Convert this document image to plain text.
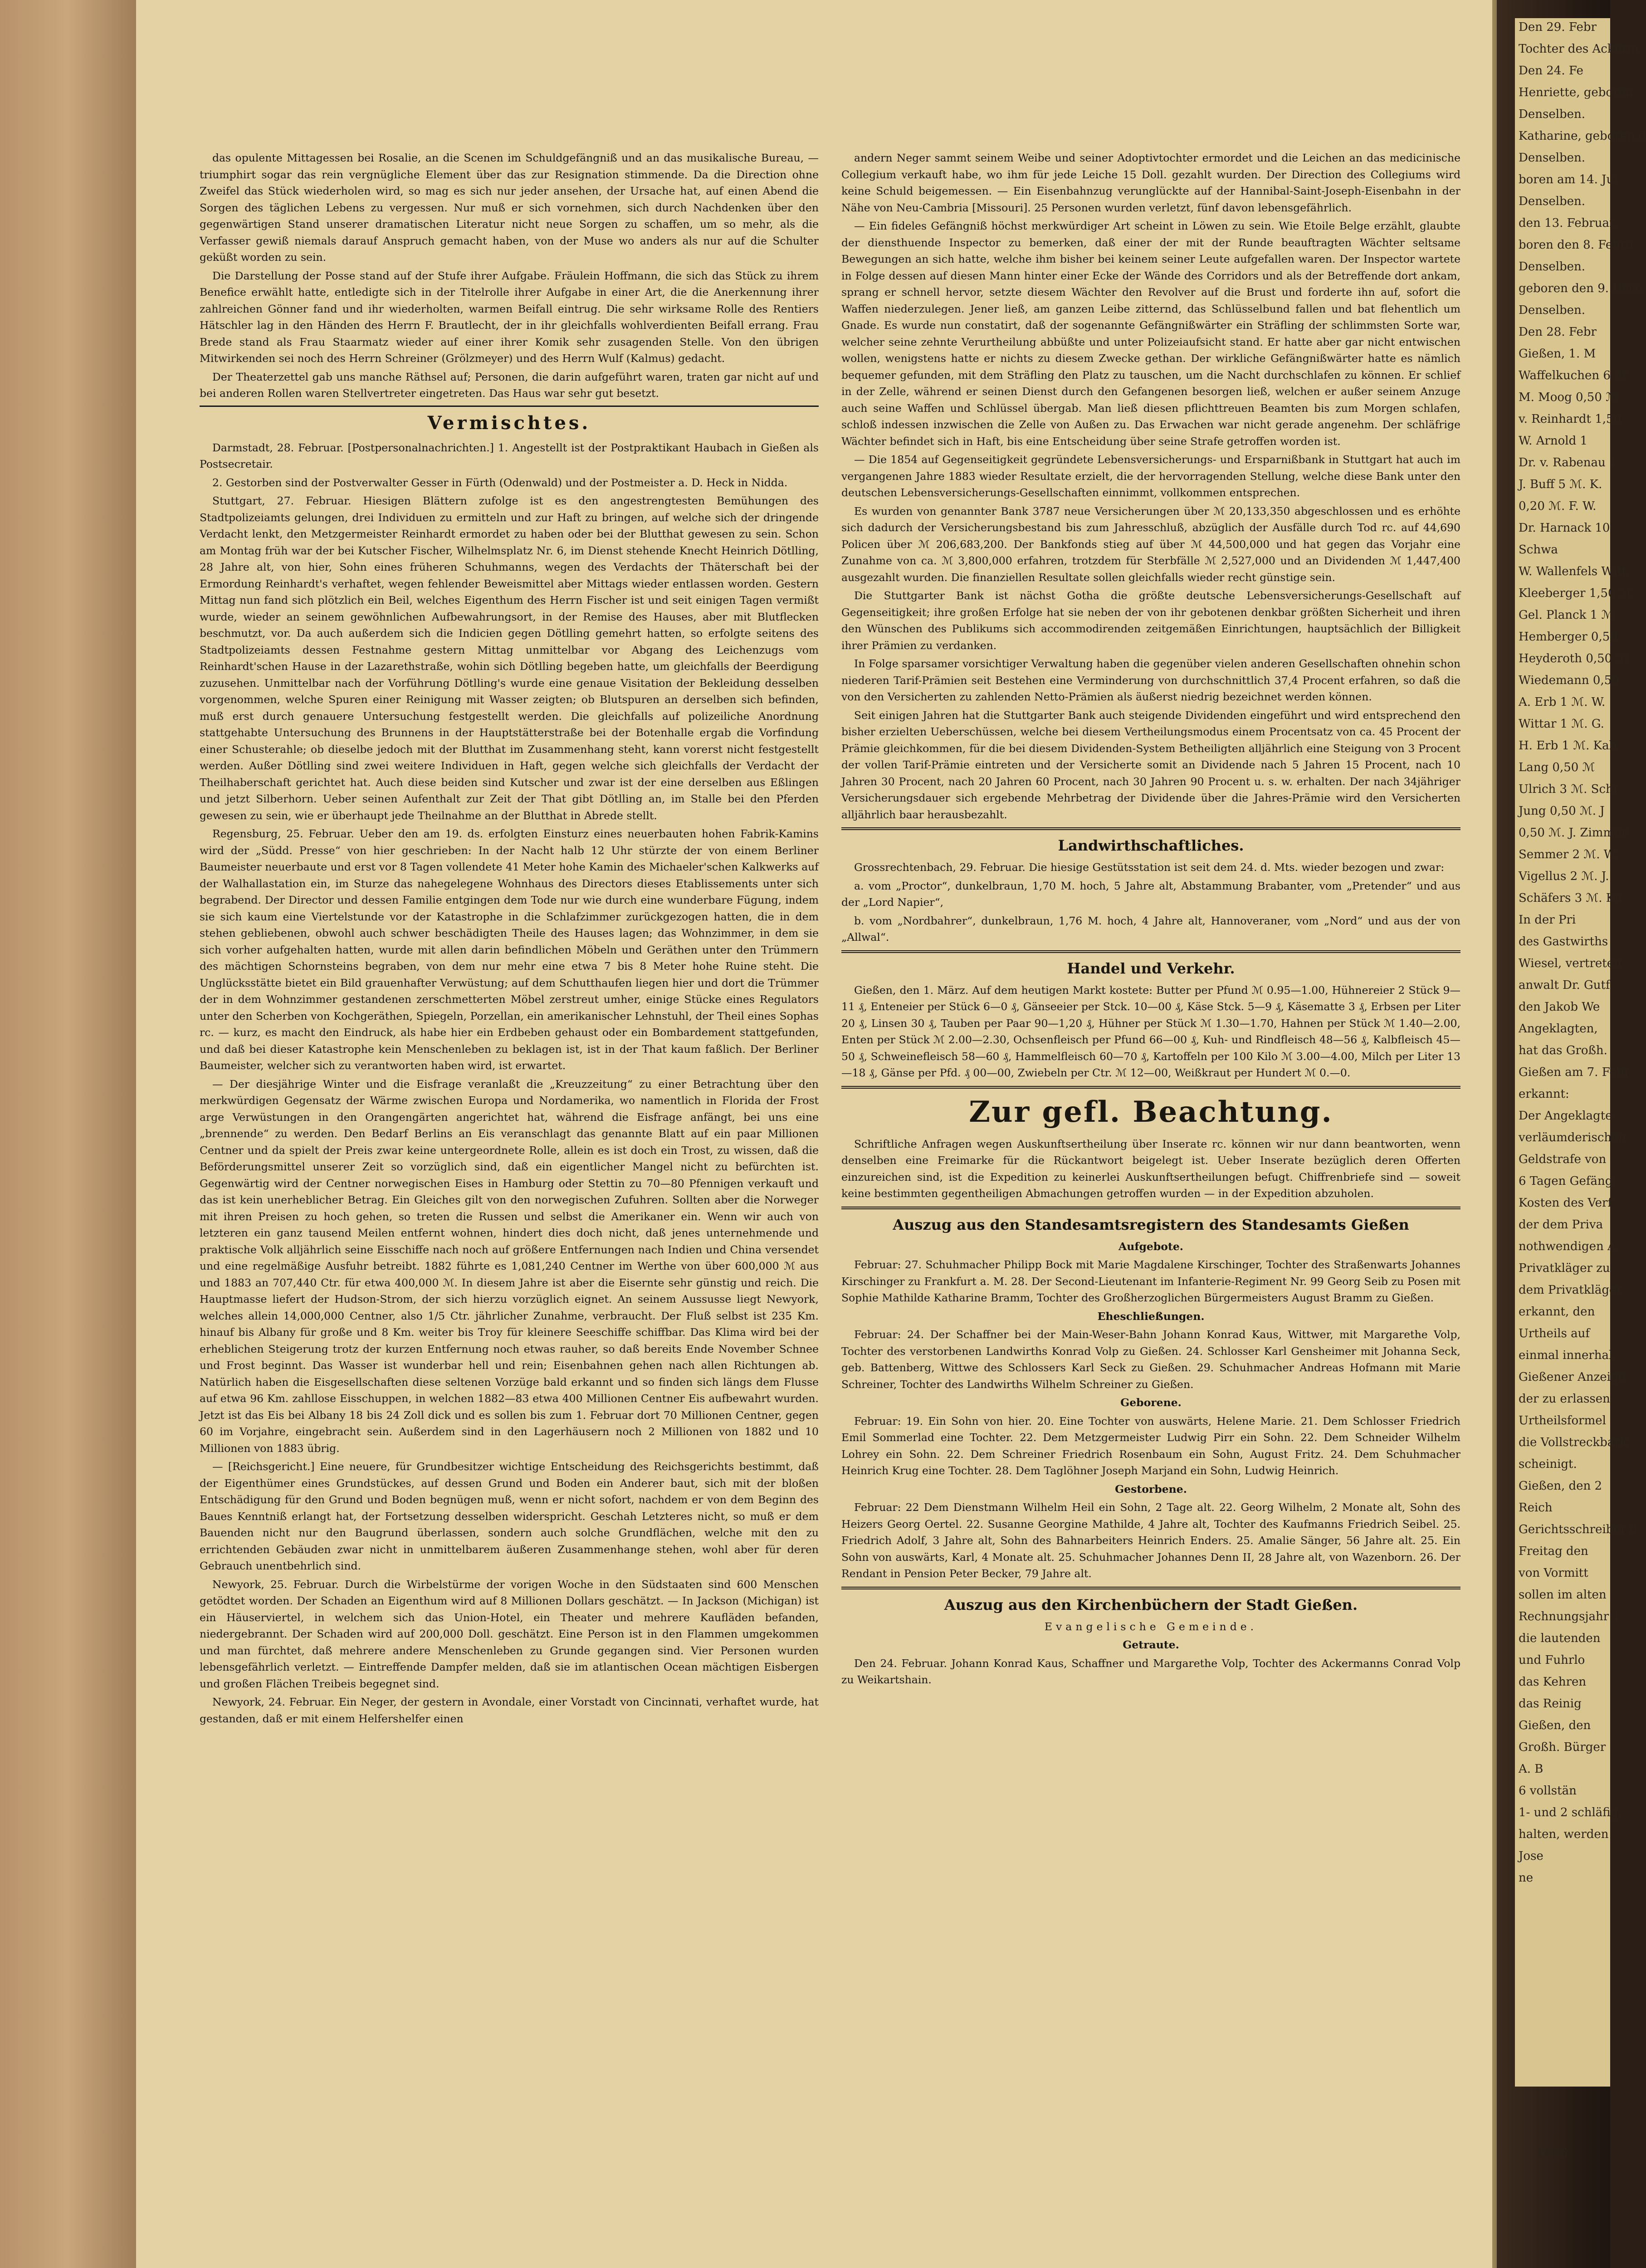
Den 29. Febr

Tochter des Ackerm

Den 24. Fe

Henriette, geboren

Denselben.

Katharine, geboren d

Denselben.

boren am 14. Jul

Denselben.

den 13. Februar.

boren den 8. Febru

Denselben.

geboren den 9. Dece

Denselben.

Den 28. Febr

Gießen, 1. M

Waffelkuchen 6 ℳ

M. Moog 0,50 ℳ

v. Reinhardt 1,50

W. Arnold 1

Dr. v. Rabenau 1

J. Buff 5 ℳ. K.

0,20 ℳ. F. W.

Dr. Harnack 10

Schwa

W. Wallenfels Witt

Kleeberger 1,50 ℳ

Gel. Planck 1 ℳ

Hemberger 0,50

Heyderoth 0,50 ℳ

Wiedemann 0,50

A. Erb 1 ℳ. W.

Wittar 1 ℳ. G.

H. Erb 1 ℳ. Kab

Lang 0,50 ℳ

Ulrich 3 ℳ. Schr

Jung 0,50 ℳ. J

0,50 ℳ. J. Zimmer

Semmer 2 ℳ. W.

Vigellus 2 ℳ. J.

Schäfers 3 ℳ. Ka

In der Pri

des Gastwirths

Wiesel, vertreten

anwalt Dr. Gutf

den Jakob We

Angeklagten,

hat das Großh.

Gießen am 7. Febr

erkannt:

Der Angeklagte

verläumderischen

Geldstrafe von

6 Tagen Gefäng

Kosten des Verf

der dem Priva

nothwendigen A

Privatkläger zu

dem Privatkläger

erkannt, den

Urtheils auf

einmal innerhal

Gießener Anzeige

der zu erlassen

Urtheilsformel

die Vollstreckbark

scheinigt.

Gießen, den 2

Reich

Gerichtsschreiber d

Freitag den

von Vormitt

sollen im alten

Rechnungsjahr 1

die lautenden

und Fuhrlo

das Kehren

das Reinig

Gießen, den

Großh. Bürger

A. B

6 vollstän

1- und 2 schläfig,

halten, werden

Jose

ne

1426

das opulente Mittagessen bei Rosalie, an die Scenen im Schuldgefängniß und an das musikalische Bureau, — triumphirt sogar das rein vergnügliche Element über das zur Resignation stimmende. Da die Direction ohne Zweifel das Stück wiederholen wird, so mag es sich nur jeder ansehen, der Ursache hat, auf einen Abend die Sorgen des täglichen Lebens zu vergessen. Nur muß er sich vornehmen, sich durch Nachdenken über den gegenwärtigen Stand unserer dramatischen Literatur nicht neue Sorgen zu schaffen, um so mehr, als die Verfasser gewiß niemals darauf Anspruch gemacht haben, von der Muse wo anders als nur auf die Schulter geküßt worden zu sein.

Die Darstellung der Posse stand auf der Stufe ihrer Aufgabe. Fräulein Hoffmann, die sich das Stück zu ihrem Benefice erwählt hatte, entledigte sich in der Titelrolle ihrer Aufgabe in einer Art, die die Anerkennung ihrer zahlreichen Gönner fand und ihr wiederholten, warmen Beifall eintrug. Die sehr wirksame Rolle des Rentiers Hätschler lag in den Händen des Herrn F. Brautlecht, der in ihr gleichfalls wohlverdienten Beifall errang. Frau Brede stand als Frau Staarmatz wieder auf einer ihrer Komik sehr zusagenden Stelle. Von den übrigen Mitwirkenden sei noch des Herrn Schreiner (Grölzmeyer) und des Herrn Wulf (Kalmus) gedacht.

Der Theaterzettel gab uns manche Räthsel auf; Personen, die darin aufgeführt waren, traten gar nicht auf und bei anderen Rollen waren Stellvertreter eingetreten. Das Haus war sehr gut besetzt.

Vermischtes.

Darmstadt, 28. Februar. [Postpersonalnachrichten.] 1. Angestellt ist der Postpraktikant Haubach in Gießen als Postsecretair.

2. Gestorben sind der Postverwalter Gesser in Fürth (Odenwald) und der Postmeister a. D. Heck in Nidda.

Stuttgart, 27. Februar. Hiesigen Blättern zufolge ist es den angestrengtesten Bemühungen des Stadtpolizeiamts gelungen, drei Individuen zu ermitteln und zur Haft zu bringen, auf welche sich der dringende Verdacht lenkt, den Metzgermeister Reinhardt ermordet zu haben oder bei der Blutthat gewesen zu sein. Schon am Montag früh war der bei Kutscher Fischer, Wilhelmsplatz Nr. 6, im Dienst stehende Knecht Heinrich Dötlling, 28 Jahre alt, von hier, Sohn eines früheren Schuhmanns, wegen des Verdachts der Thäterschaft bei der Ermordung Reinhardt's verhaftet, wegen fehlender Beweismittel aber Mittags wieder entlassen worden. Gestern Mittag nun fand sich plötzlich ein Beil, welches Eigenthum des Herrn Fischer ist und seit einigen Tagen vermißt wurde, wieder an seinem gewöhnlichen Aufbewahrungsort, in der Remise des Hauses, aber mit Blutflecken beschmutzt, vor. Da auch außerdem sich die Indicien gegen Dötlling gemehrt hatten, so erfolgte seitens des Stadtpolizeiamts dessen Festnahme gestern Mittag unmittelbar vor Abgang des Leichenzugs vom Reinhardt'schen Hause in der Lazarethstraße, wohin sich Dötlling begeben hatte, um gleichfalls der Beerdigung zuzusehen. Unmittelbar nach der Vorführung Dötlling's wurde eine genaue Visitation der Bekleidung desselben vorgenommen, welche Spuren einer Reinigung mit Wasser zeigten; ob Blutspuren an derselben sich befinden, muß erst durch genauere Untersuchung festgestellt werden. Die gleichfalls auf polizeiliche Anordnung stattgehabte Untersuchung des Brunnens in der Hauptstätterstraße bei der Botenhalle ergab die Vorfindung einer Schusterahle; ob dieselbe jedoch mit der Blutthat im Zusammenhang steht, kann vorerst nicht festgestellt werden. Außer Dötlling sind zwei weitere Individuen in Haft, gegen welche sich gleichfalls der Verdacht der Theilhaberschaft gerichtet hat. Auch diese beiden sind Kutscher und zwar ist der eine derselben aus Eßlingen und jetzt Silberhorn. Ueber seinen Aufenthalt zur Zeit der That gibt Dötlling an, im Stalle bei den Pferden gewesen zu sein, wie er überhaupt jede Theilnahme an der Blutthat in Abrede stellt.

Regensburg, 25. Februar. Ueber den am 19. ds. erfolgten Einsturz eines neuerbauten hohen Fabrik-Kamins wird der „Südd. Presse“ von hier geschrieben: In der Nacht halb 12 Uhr stürzte der von einem Berliner Baumeister neuerbaute und erst vor 8 Tagen vollendete 41 Meter hohe Kamin des Michaeler'schen Kalkwerks auf der Walhallastation ein, im Sturze das nahegelegene Wohnhaus des Directors dieses Etablissements unter sich begrabend. Der Director und dessen Familie entgingen dem Tode nur wie durch eine wunderbare Fügung, indem sie sich kaum eine Viertelstunde vor der Katastrophe in die Schlafzimmer zurückgezogen hatten, die in dem stehen gebliebenen, obwohl auch schwer beschädigten Theile des Hauses lagen; das Wohnzimmer, in dem sie sich vorher aufgehalten hatten, wurde mit allen darin befindlichen Möbeln und Geräthen unter den Trümmern des mächtigen Schornsteins begraben, von dem nur mehr eine etwa 7 bis 8 Meter hohe Ruine steht. Die Unglücksstätte bietet ein Bild grauenhafter Verwüstung; auf dem Schutthaufen liegen hier und dort die Trümmer der in dem Wohnzimmer gestandenen zerschmetterten Möbel zerstreut umher, einige Stücke eines Regulators unter den Scherben von Kochgeräthen, Spiegeln, Porzellan, ein amerikanischer Lehnstuhl, der Theil eines Sophas rc. — kurz, es macht den Eindruck, als habe hier ein Erdbeben gehaust oder ein Bombardement stattgefunden, und daß bei dieser Katastrophe kein Menschenleben zu beklagen ist, ist in der That kaum faßlich. Der Berliner Baumeister, welcher sich zu verantworten haben wird, ist erwartet.

— Der diesjährige Winter und die Eisfrage veranlaßt die „Kreuzzeitung“ zu einer Betrachtung über den merkwürdigen Gegensatz der Wärme zwischen Europa und Nordamerika, wo namentlich in Florida der Frost arge Verwüstungen in den Orangengärten angerichtet hat, während die Eisfrage anfängt, bei uns eine „brennende“ zu werden. Den Bedarf Berlins an Eis veranschlagt das genannte Blatt auf ein paar Millionen Centner und da spielt der Preis zwar keine untergeordnete Rolle, allein es ist doch ein Trost, zu wissen, daß die Beförderungsmittel unserer Zeit so vorzüglich sind, daß ein eigentlicher Mangel nicht zu befürchten ist. Gegenwärtig wird der Centner norwegischen Eises in Hamburg oder Stettin zu 70—80 Pfennigen verkauft und das ist kein unerheblicher Betrag. Ein Gleiches gilt von den norwegischen Zufuhren. Sollten aber die Norweger mit ihren Preisen zu hoch gehen, so treten die Russen und selbst die Amerikaner ein. Wenn wir auch von letzteren ein ganz tausend Meilen entfernt wohnen, hindert dies doch nicht, daß jenes unternehmende und praktische Volk alljährlich seine Eisschiffe nach noch auf größere Entfernungen nach Indien und China versendet und eine regelmäßige Ausfuhr betreibt. 1882 führte es 1,081,240 Centner im Werthe von über 600,000 ℳ aus und 1883 an 707,440 Ctr. für etwa 400,000 ℳ. In diesem Jahre ist aber die Eisernte sehr günstig und reich. Die Hauptmasse liefert der Hudson-Strom, der sich hierzu vorzüglich eignet. An seinem Aussusse liegt Newyork, welches allein 14,000,000 Centner, also 1/5 Ctr. jährlicher Zunahme, verbraucht. Der Fluß selbst ist 235 Km. hinauf bis Albany für große und 8 Km. weiter bis Troy für kleinere Seeschiffe schiffbar. Das Klima wird bei der erheblichen Steigerung trotz der kurzen Entfernung noch etwas rauher, so daß bereits Ende November Schnee und Frost beginnt. Das Wasser ist wunderbar hell und rein; Eisenbahnen gehen nach allen Richtungen ab. Natürlich haben die Eisgesellschaften diese seltenen Vorzüge bald erkannt und so finden sich längs dem Flusse auf etwa 96 Km. zahllose Eisschuppen, in welchen 1882—83 etwa 400 Millionen Centner Eis aufbewahrt wurden. Jetzt ist das Eis bei Albany 18 bis 24 Zoll dick und es sollen bis zum 1. Februar dort 70 Millionen Centner, gegen 60 im Vorjahre, eingebracht sein. Außerdem sind in den Lagerhäusern noch 2 Millionen von 1882 und 10 Millionen von 1883 übrig.

— [Reichsgericht.] Eine neuere, für Grundbesitzer wichtige Entscheidung des Reichsgerichts bestimmt, daß der Eigenthümer eines Grundstückes, auf dessen Grund und Boden ein Anderer baut, sich mit der bloßen Entschädigung für den Grund und Boden begnügen muß, wenn er nicht sofort, nachdem er von dem Beginn des Baues Kenntniß erlangt hat, der Fortsetzung desselben widerspricht. Geschah Letzteres nicht, so muß er dem Bauenden nicht nur den Baugrund überlassen, sondern auch solche Grundflächen, welche mit den zu errichtenden Gebäuden zwar nicht in unmittelbarem äußeren Zusammenhange stehen, wohl aber für deren Gebrauch unentbehrlich sind.

Newyork, 25. Februar. Durch die Wirbelstürme der vorigen Woche in den Südstaaten sind 600 Menschen getödtet worden. Der Schaden an Eigenthum wird auf 8 Millionen Dollars geschätzt. — In Jackson (Michigan) ist ein Häuserviertel, in welchem sich das Union-Hotel, ein Theater und mehrere Kaufläden befanden, niedergebrannt. Der Schaden wird auf 200,000 Doll. geschätzt. Eine Person ist in den Flammen umgekommen und man fürchtet, daß mehrere andere Menschenleben zu Grunde gegangen sind. Vier Personen wurden lebensgefährlich verletzt. — Eintreffende Dampfer melden, daß sie im atlantischen Ocean mächtigen Eisbergen und großen Flächen Treibeis begegnet sind.

Newyork, 24. Februar. Ein Neger, der gestern in Avondale, einer Vorstadt von Cincinnati, verhaftet wurde, hat gestanden, daß er mit einem Helfershelfer einen

andern Neger sammt seinem Weibe und seiner Adoptivtochter ermordet und die Leichen an das medicinische Collegium verkauft habe, wo ihm für jede Leiche 15 Doll. gezahlt wurden. Der Direction des Collegiums wird keine Schuld beigemessen. — Ein Eisenbahnzug verunglückte auf der Hannibal-Saint-Joseph-Eisenbahn in der Nähe von Neu-Cambria [Missouri]. 25 Personen wurden verletzt, fünf davon lebensgefährlich.

— Ein fideles Gefängniß höchst merkwürdiger Art scheint in Löwen zu sein. Wie Etoile Belge erzählt, glaubte der diensthuende Inspector zu bemerken, daß einer der mit der Runde beauftragten Wächter seltsame Bewegungen an sich hatte, welche ihm bisher bei keinem seiner Leute aufgefallen waren. Der Inspector wartete in Folge dessen auf diesen Mann hinter einer Ecke der Wände des Corridors und als der Betreffende dort ankam, sprang er schnell hervor, setzte diesem Wächter den Revolver auf die Brust und forderte ihn auf, sofort die Waffen niederzulegen. Jener ließ, am ganzen Leibe zitternd, das Schlüsselbund fallen und bat flehentlich um Gnade. Es wurde nun constatirt, daß der sogenannte Gefängnißwärter ein Sträfling der schlimmsten Sorte war, welcher seine zehnte Verurtheilung abbüßte und unter Polizeiaufsicht stand. Er hatte aber gar nicht entwischen wollen, wenigstens hatte er nichts zu diesem Zwecke gethan. Der wirkliche Gefängnißwärter hatte es nämlich bequemer gefunden, mit dem Sträfling den Platz zu tauschen, um die Nacht durchschlafen zu können. Er schlief in der Zelle, während er seinen Dienst durch den Gefangenen besorgen ließ, welchen er außer seinem Anzuge auch seine Waffen und Schlüssel übergab. Man ließ diesen pflichttreuen Beamten bis zum Morgen schlafen, schloß indessen inzwischen die Zelle von Außen zu. Das Erwachen war nicht gerade angenehm. Der schläfrige Wächter befindet sich in Haft, bis eine Entscheidung über seine Strafe getroffen worden ist.

— Die 1854 auf Gegenseitigkeit gegründete Lebensversicherungs- und Ersparnißbank in Stuttgart hat auch im vergangenen Jahre 1883 wieder Resultate erzielt, die der hervorragenden Stellung, welche diese Bank unter den deutschen Lebensversicherungs-Gesellschaften einnimmt, vollkommen entsprechen.

Es wurden von genannter Bank 3787 neue Versicherungen über ℳ 20,133,350 abgeschlossen und es erhöhte sich dadurch der Versicherungsbestand bis zum Jahresschluß, abzüglich der Ausfälle durch Tod rc. auf 44,690 Policen über ℳ 206,683,200. Der Bankfonds stieg auf über ℳ 44,500,000 und hat gegen das Vorjahr eine Zunahme von ca. ℳ 3,800,000 erfahren, trotzdem für Sterbfälle ℳ 2,527,000 und an Dividenden ℳ 1,447,400 ausgezahlt wurden. Die finanziellen Resultate sollen gleichfalls wieder recht günstige sein.

Die Stuttgarter Bank ist nächst Gotha die größte deutsche Lebensversicherungs-Gesellschaft auf Gegenseitigkeit; ihre großen Erfolge hat sie neben der von ihr gebotenen denkbar größten Sicherheit und ihren den Wünschen des Publikums sich accommodirenden zeitgemäßen Einrichtungen, hauptsächlich der Billigkeit ihrer Prämien zu verdanken.

In Folge sparsamer vorsichtiger Verwaltung haben die gegenüber vielen anderen Gesellschaften ohnehin schon niederen Tarif-Prämien seit Bestehen eine Verminderung von durchschnittlich 37,4 Procent erfahren, so daß die von den Versicherten zu zahlenden Netto-Prämien als äußerst niedrig bezeichnet werden können.

Seit einigen Jahren hat die Stuttgarter Bank auch steigende Dividenden eingeführt und wird entsprechend den bisher erzielten Ueberschüssen, welche bei diesem Vertheilungsmodus einem Procentsatz von ca. 45 Procent der Prämie gleichkommen, für die bei diesem Dividenden-System Betheiligten alljährlich eine Steigung von 3 Procent der vollen Tarif-Prämie eintreten und der Versicherte somit an Dividende nach 5 Jahren 15 Procent, nach 10 Jahren 30 Procent, nach 20 Jahren 60 Procent, nach 30 Jahren 90 Procent u. s. w. erhalten. Der nach 34jähriger Versicherungsdauer sich ergebende Mehrbetrag der Dividende über die Jahres-Prämie wird den Versicherten alljährlich baar herausbezahlt.

Landwirthschaftliches.

Grossrechtenbach, 29. Februar. Die hiesige Gestütsstation ist seit dem 24. d. Mts. wieder bezogen und zwar:

a. vom „Proctor“, dunkelbraun, 1,70 M. hoch, 5 Jahre alt, Abstammung Brabanter, vom „Pretender“ und aus der „Lord Napier“,

b. vom „Nordbahrer“, dunkelbraun, 1,76 M. hoch, 4 Jahre alt, Hannoveraner, vom „Nord“ und aus der von „Allwal“.

Handel und Verkehr.

Gießen, den 1. März. Auf dem heutigen Markt kostete: Butter per Pfund ℳ 0.95—1.00, Hühnereier 2 Stück 9—11 ₰, Enteneier per Stück 6—0 ₰, Gänseeier per Stck. 10—00 ₰, Käse Stck. 5—9 ₰, Käsematte 3 ₰, Erbsen per Liter 20 ₰, Linsen 30 ₰, Tauben per Paar 90—1,20 ₰, Hühner per Stück ℳ 1.30—1.70, Hahnen per Stück ℳ 1.40—2.00, Enten per Stück ℳ 2.00—2.30, Ochsenfleisch per Pfund 66—00 ₰, Kuh- und Rindfleisch 48—56 ₰, Kalbfleisch 45—50 ₰, Schweinefleisch 58—60 ₰, Hammelfleisch 60—70 ₰, Kartoffeln per 100 Kilo ℳ 3.00—4.00, Milch per Liter 13—18 ₰, Gänse per Pfd. ₰ 00—00, Zwiebeln per Ctr. ℳ 12—00, Weißkraut per Hundert ℳ 0.—0.

Zur gefl. Beachtung.

Schriftliche Anfragen wegen Auskunftsertheilung über Inserate rc. können wir nur dann beantworten, wenn denselben eine Freimarke für die Rückantwort beigelegt ist. Ueber Inserate bezüglich deren Offerten einzureichen sind, ist die Expedition zu keinerlei Auskunftsertheilungen befugt. Chiffrenbriefe sind — soweit keine bestimmten gegentheiligen Abmachungen getroffen wurden — in der Expedition abzuholen.

Auszug aus den Standesamtsregistern des Standesamts Gießen
Aufgebote.

Februar: 27. Schuhmacher Philipp Bock mit Marie Magdalene Kirschinger, Tochter des Straßenwarts Johannes Kirschinger zu Frankfurt a. M. 28. Der Second-Lieutenant im Infanterie-Regiment Nr. 99 Georg Seib zu Posen mit Sophie Mathilde Katharine Bramm, Tochter des Großherzoglichen Bürgermeisters August Bramm zu Gießen.

Eheschließungen.

Februar: 24. Der Schaffner bei der Main-Weser-Bahn Johann Konrad Kaus, Wittwer, mit Margarethe Volp, Tochter des verstorbenen Landwirths Konrad Volp zu Gießen. 24. Schlosser Karl Gensheimer mit Johanna Seck, geb. Battenberg, Wittwe des Schlossers Karl Seck zu Gießen. 29. Schuhmacher Andreas Hofmann mit Marie Schreiner, Tochter des Landwirths Wilhelm Schreiner zu Gießen.

Geborene.

Februar: 19. Ein Sohn von hier. 20. Eine Tochter von auswärts, Helene Marie. 21. Dem Schlosser Friedrich Emil Sommerlad eine Tochter. 22. Dem Metzgermeister Ludwig Pirr ein Sohn. 22. Dem Schneider Wilhelm Lohrey ein Sohn. 22. Dem Schreiner Friedrich Rosenbaum ein Sohn, August Fritz. 24. Dem Schuhmacher Heinrich Krug eine Tochter. 28. Dem Taglöhner Joseph Marjand ein Sohn, Ludwig Heinrich.

Gestorbene.

Februar: 22 Dem Dienstmann Wilhelm Heil ein Sohn, 2 Tage alt. 22. Georg Wilhelm, 2 Monate alt, Sohn des Heizers Georg Oertel. 22. Susanne Georgine Mathilde, 4 Jahre alt, Tochter des Kaufmanns Friedrich Seibel. 25. Friedrich Adolf, 3 Jahre alt, Sohn des Bahnarbeiters Heinrich Enders. 25. Amalie Sänger, 56 Jahre alt. 25. Ein Sohn von auswärts, Karl, 4 Monate alt. 25. Schuhmacher Johannes Denn II, 28 Jahre alt, von Wazenborn. 26. Der Rendant in Pension Peter Becker, 79 Jahre alt.

Auszug aus den Kirchenbüchern der Stadt Gießen.
Evangelische Gemeinde.
Getraute.

Den 24. Februar. Johann Konrad Kaus, Schaffner und Margarethe Volp, Tochter des Ackermanns Conrad Volp zu Weikartshain.
